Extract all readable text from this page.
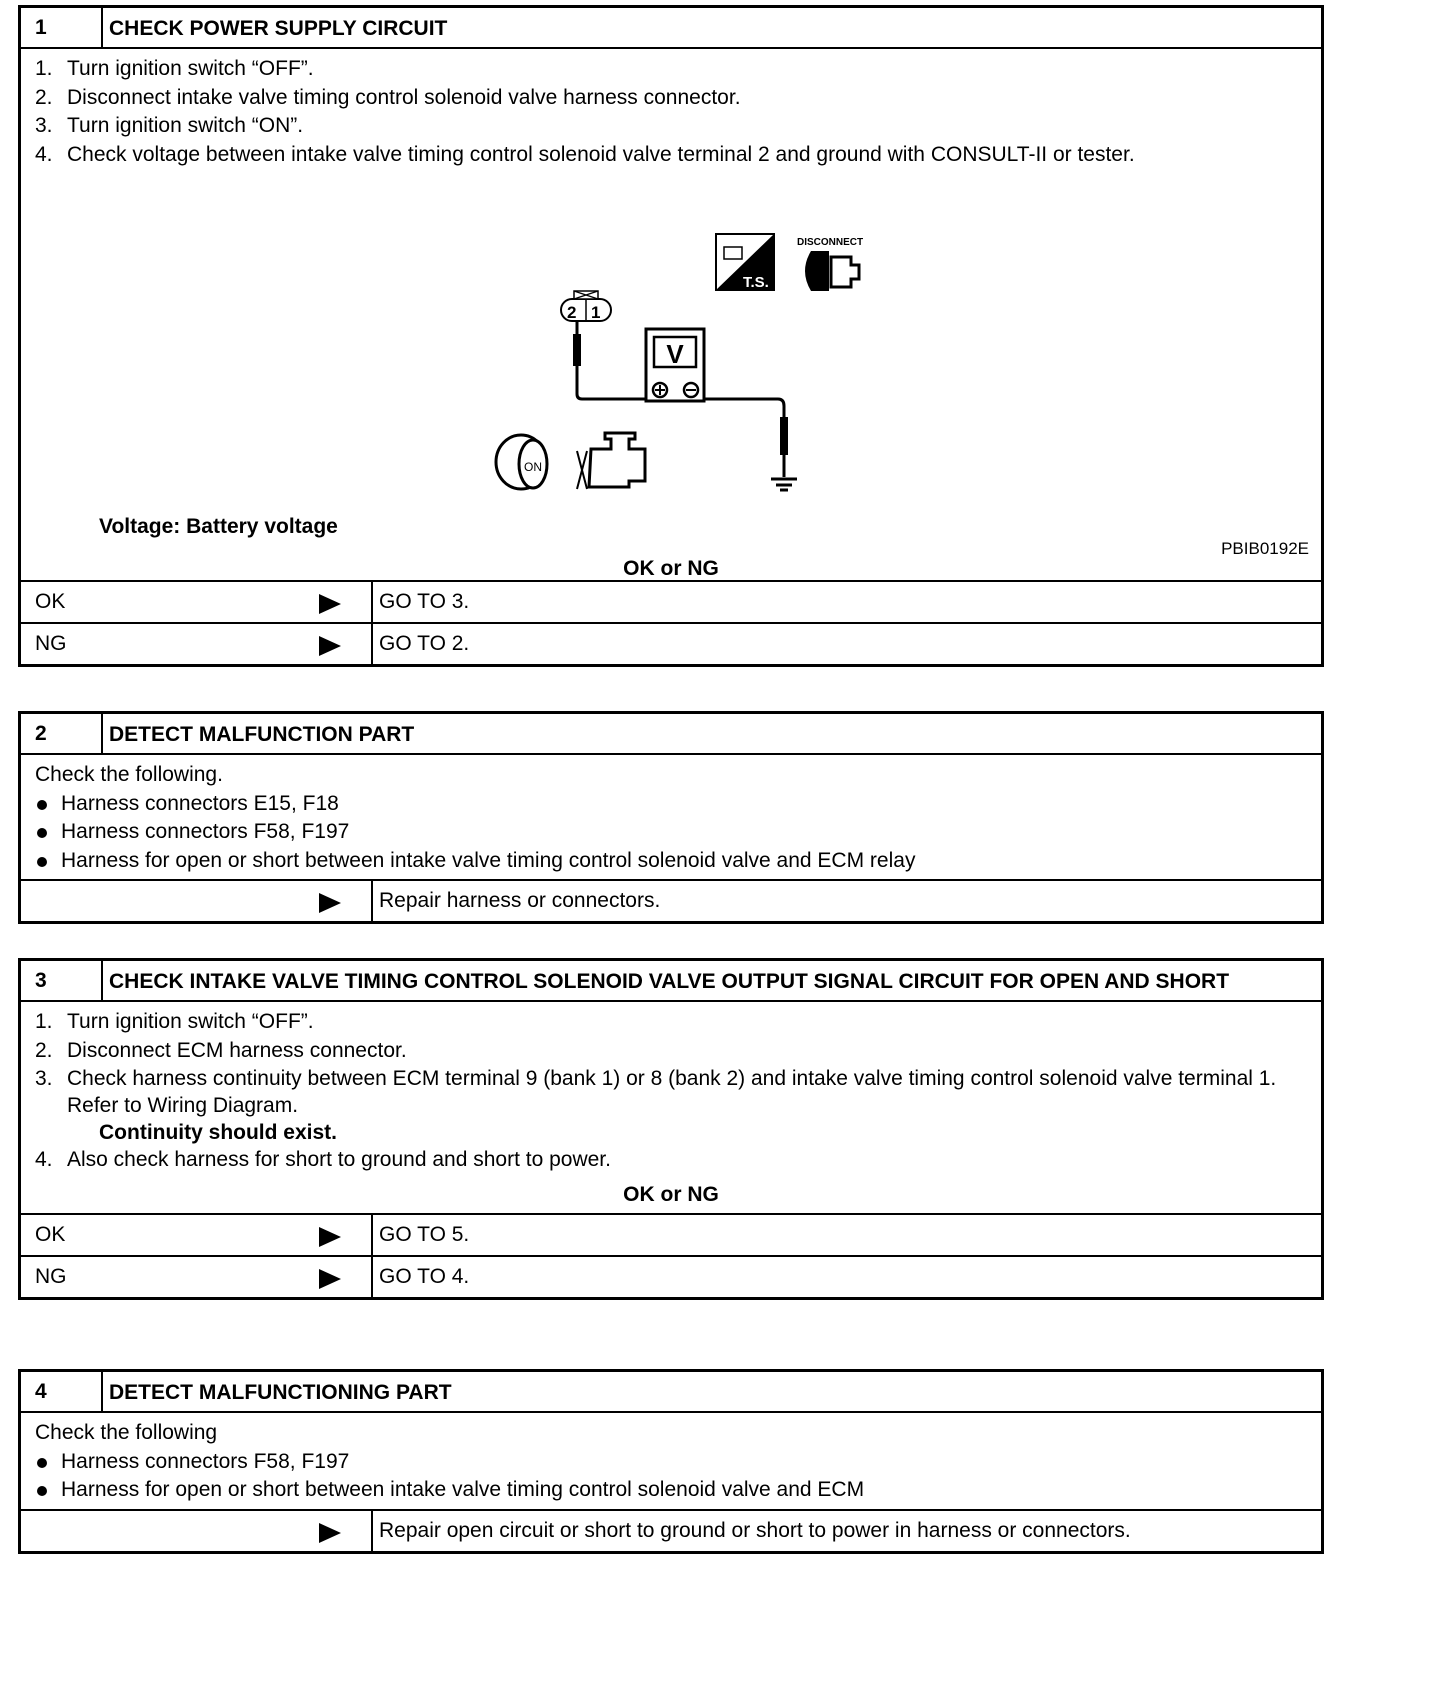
1	CHECK POWER SUPPLY CIRCUIT
1. Turn ignition switch “OFF”.
2. Disconnect intake valve timing control solenoid valve harness connector.
3. Turn ignition switch “ON”.
4. Check voltage between intake valve timing control solenoid valve terminal 2 and ground with CONSULT-II or tester.
2 1
V
T.S.
DISCONNECT
ON
PBIB0192E
Voltage: Battery voltage
OK or NG
OK	GO TO 3.
NG	GO TO 2.
2	DETECT MALFUNCTION PART
Check the following.
Harness connectors E15, F18
Harness connectors F58, F197
Harness for open or short between intake valve timing control solenoid valve and ECM relay
Repair harness or connectors.
3	CHECK INTAKE VALVE TIMING CONTROL SOLENOID VALVE OUTPUT SIGNAL CIRCUIT FOR OPEN AND SHORT
1. Turn ignition switch “OFF”.
2. Disconnect ECM harness connector.
3. Check harness continuity between ECM terminal 9 (bank 1) or 8 (bank 2) and intake valve timing control solenoid valve terminal 1. Refer to Wiring Diagram.
Continuity should exist.
4. Also check harness for short to ground and short to power.
OK or NG
OK	GO TO 5.
NG	GO TO 4.
4	DETECT MALFUNCTIONING PART
Check the following
Harness connectors F58, F197
Harness for open or short between intake valve timing control solenoid valve and ECM
Repair open circuit or short to ground or short to power in harness or connectors.
